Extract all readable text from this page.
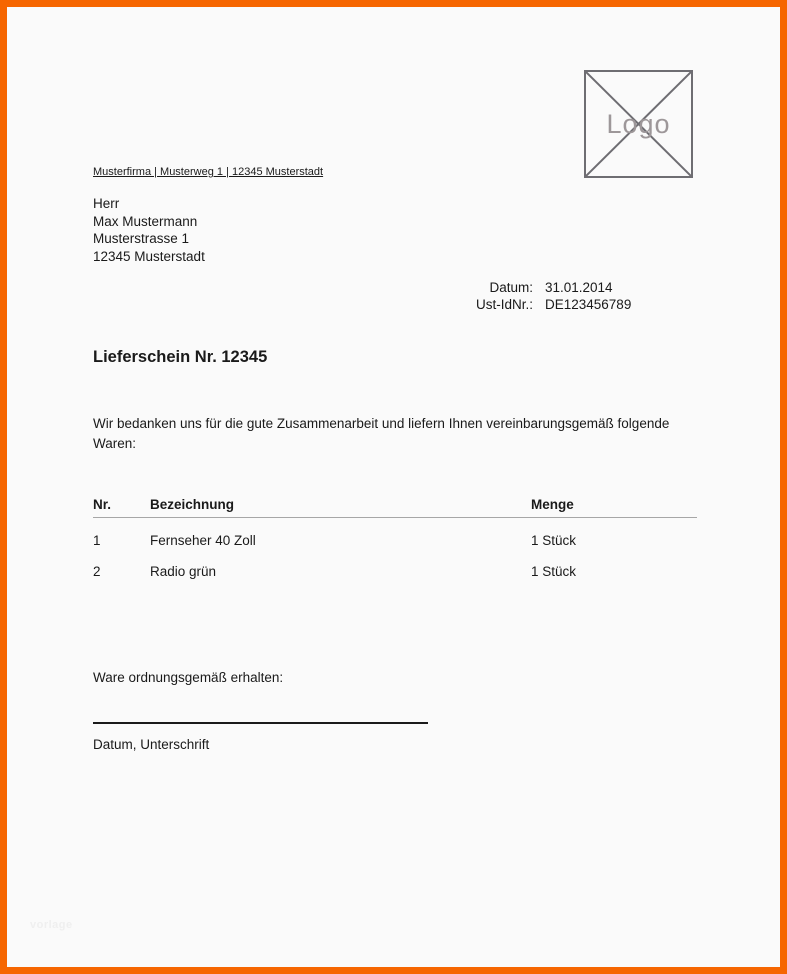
Logo
Musterfirma | Musterweg 1 | 12345 Musterstadt
Herr
Max Mustermann
Musterstrasse 1
12345 Musterstadt
Datum: 31.01.2014
Ust-IdNr.: DE123456789
Lieferschein Nr. 12345

Wir bedanken uns für die gute Zusammenarbeit und liefern Ihnen vereinbarungsgemäß folgende Waren:

Nr.	Bezeichnung	Menge
1	Fernseher 40 Zoll	1 Stück
2	Radio grün	1 Stück
Ware ordnungsgemäß erhalten:
Datum, Unterschrift
vorlage
